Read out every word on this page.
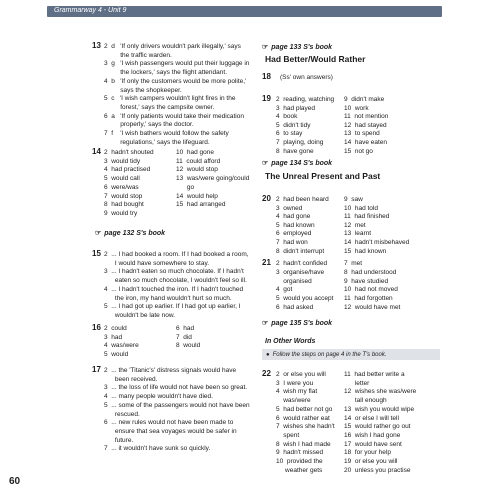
Grammarway 4 - Unit 9
13 2  d   'If only drivers wouldn't park illegally,' says
the traffic warden.
3  g   'I wish passengers would put their luggage in
the lockers,' says the flight attendant.
4  b   'If only the customers would be more polite,'
says the shopkeeper.
5  c   'I wish campers wouldn't light fires in the
forest,' says the campsite owner.
6  a   'If only patients would take their medication
properly,' says the doctor.
7  f    'I wish bathers would follow the safety
regulations,' says the lifeguard.
14 2  hadn't shouted
3  would tidy
4  had practised
5  would call
6  were/was
7  would stop
8  had bought
9  would try
10  had gone
11  could afford
12  would stop
13  was/were going/could
go
14  would help
15  had arranged
☞ page 132 S's book
15 2  ... I had booked a room. If I had booked a room,
I would have somewhere to stay.
3  ... I hadn't eaten so much chocolate. If I hadn't
eaten so much chocolate, I wouldn't feel so ill.
4  ... I hadn't touched the iron. If I hadn't touched
the iron, my hand wouldn't hurt so much.
5  ... I had got up earlier. If I had got up earlier, I
wouldn't be late now.
16 2  could
3  had
4  was/were
5  would
6  had
7  did
8  would
17 2  ... the 'Titanic's' distress signals would have
been received.
3  ... the loss of life would not have been so great.
4  ... many people wouldn't have died.
5  ... some of the passengers would not have been
rescued.
6  ... new rules would not have been made to
ensure that sea voyages would be safer in
future.
7  ... it wouldn't have sunk so quickly.
☞ page 133 S's book
Had Better/Would Rather
18 (Ss' own answers)
19 2  reading, watching
3  had played
4  book
5  didn't tidy
6  to stay
7  playing, doing
8  have gone
9  didn't make
10  work
11  not mention
12  had stayed
13  to spend
14  have eaten
15  not go
☞ page 134 S's book
The Unreal Present and Past
20 2  had been heard
3  owned
4  had gone
5  had known
6  employed
7  had won
8  didn't interrupt
9  saw
10  had told
11  had finished
12  met
13  learnt
14  hadn't misbehaved
15  had known
21 2  hadn't confided
3  organise/have
organised
4  got
5  would you accept
6  had asked
7  met
8  had understood
9  have studied
10  had not moved
11  had forgotten
12  would have met
☞ page 135 S's book
In Other Words
● Follow the steps on page 4 in the T's book.
22 2  or else you will
3  I were you
4  wish my flat
was/were
5  had better not go
6  would rather eat
7  wishes she hadn't
spent
8  wish I had made
9  hadn't missed
10  provided the
weather gets
11  had better write a
letter
12  wishes she was/were
tall enough
13  wish you would wipe
14  or else I will tell
15  would rather go out
16  wish I had gone
17  would have sent
18  for your help
19  or else you will
20  unless you practise
60
